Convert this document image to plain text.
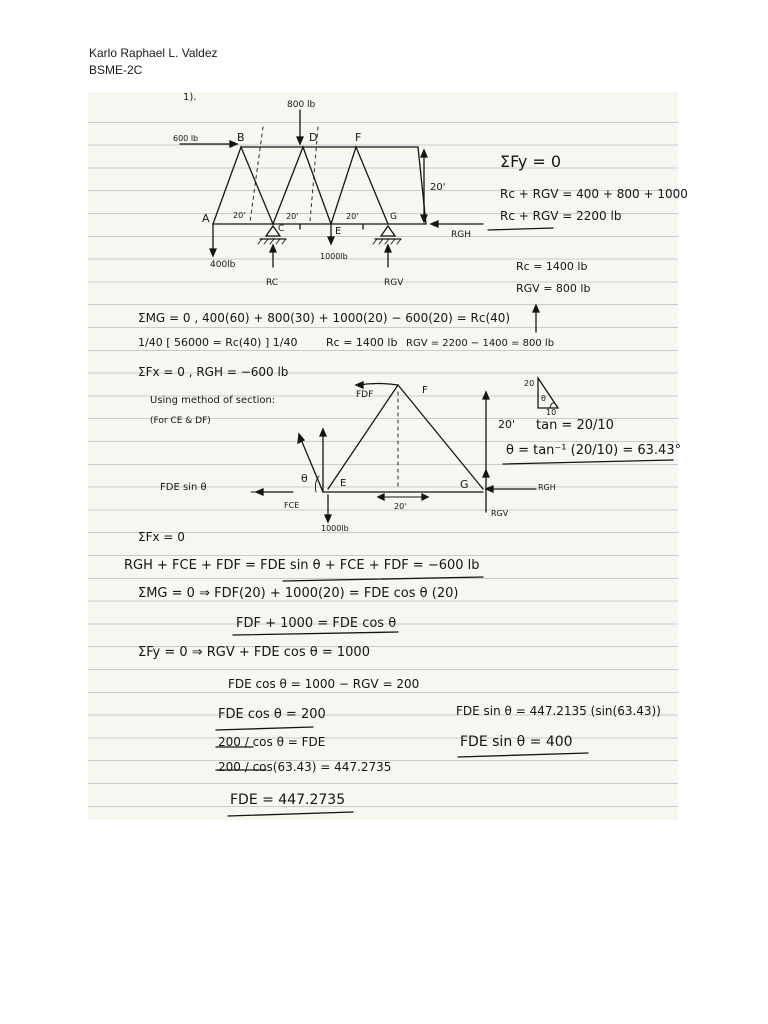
Karlo Raphael L. Valdez
BSME-2C
1).
800 lb
600 lb	B	D	F
A
C	E
G
20'
20'	20'	20'
400lb
1000lb
RGH
RC	RGV
ΣFy = 0
Rc + RGV = 400 + 800 + 1000
Rc + RGV = 2200 lb
Rc = 1400 lb
RGV = 800 lb
ΣMG = 0 , 400(60) + 800(30) + 1000(20) − 600(20) = Rc(40)
1/40 [ 56000 = Rc(40) ] 1/40	Rc = 1400 lb RGV = 2200 − 1400 = 800 lb
ΣFx = 0 , RGH = −600 lb
Using method of section:
(For CE & DF)
FDF	F
20'
θ	E	G
FDE sin θ
FCE
1000lb
20'
RGH
RGV
20
θ
10
tan = 20/10
θ = tan⁻¹ (20/10) = 63.43°
ΣFx = 0
RGH + FCE + FDF = FDE sin θ + FCE + FDF = −600 lb
ΣMG = 0 ⇒ FDF(20) + 1000(20) = FDE cos θ (20)
FDF + 1000 = FDE cos θ
ΣFy = 0 ⇒ RGV + FDE cos θ = 1000
FDE cos θ = 1000 − RGV = 200
FDE cos θ = 200
200 / cos θ = FDE
200 / cos(63.43) = 447.2735
FDE = 447.2735
FDE sin θ = 447.2135 (sin(63.43))
FDE sin θ = 400
